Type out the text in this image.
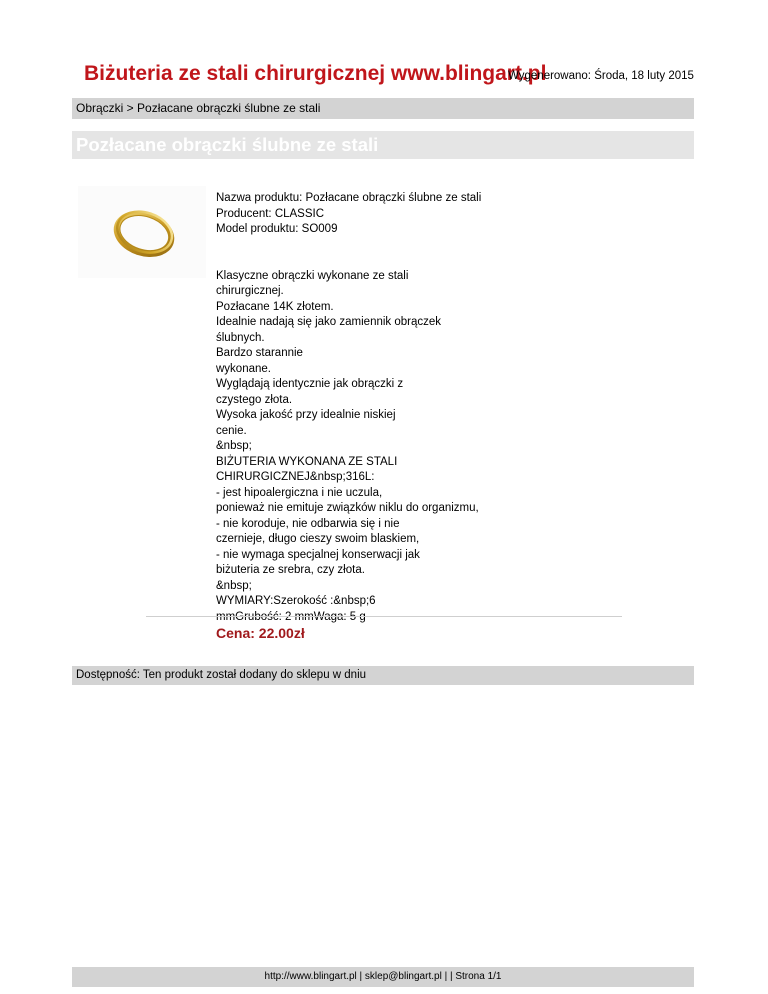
Biżuteria ze stali chirurgicznej www.blingart.pl
Wygenerowano: Środa, 18 luty 2015
Obrączki > Pozłacane obrączki ślubne ze stali
Pozłacane obrączki ślubne ze stali
Nazwa produktu: Pozłacane obrączki ślubne ze stali
Producent: CLASSIC
Model produktu: SO009
Klasyczne obrączki wykonane ze stali
chirurgicznej.
Pozłacane 14K złotem.
Idealnie nadają się jako zamiennik obrączek
ślubnych.
Bardzo starannie
wykonane.
Wyglądają identycznie jak obrączki z
czystego złota.
Wysoka jakość przy idealnie niskiej
cenie.
&nbsp;
BIŻUTERIA WYKONANA ZE STALI
CHIRURGICZNEJ&nbsp;316L:
- jest hipoalergiczna i nie uczula,
ponieważ nie emituje związków niklu do organizmu,
- nie koroduje, nie odbarwia się i nie
czernieje, długo cieszy swoim blaskiem,
- nie wymaga specjalnej konserwacji jak
biżuteria ze srebra, czy złota.
&nbsp;
WYMIARY:Szerokość :&nbsp;6
mmGrubość: 2 mmWaga: 5 g
Cena: 22.00zł
Dostępność: Ten produkt został dodany do sklepu w dniu
http://www.blingart.pl | sklep@blingart.pl | | Strona 1/1
